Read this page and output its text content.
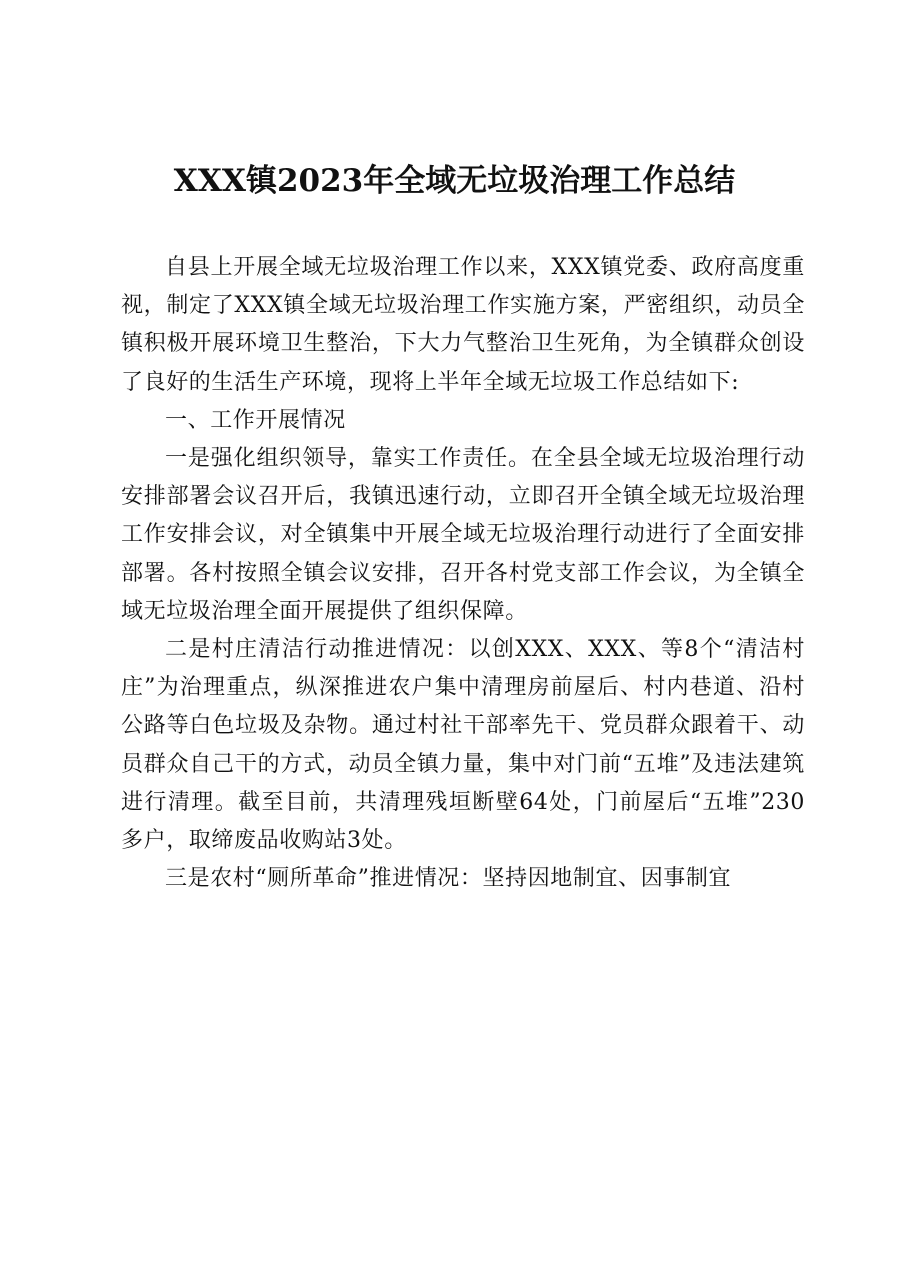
XXX镇2023年全域无垃圾治理工作总结

自县上开展全域无垃圾治理工作以来，XXX镇党委、政府高度重视，制定了XXX镇全域无垃圾治理工作实施方案，严密组织，动员全镇积极开展环境卫生整治，下大力气整治卫生死角，为全镇群众创设了良好的生活生产环境，现将上半年全域无垃圾工作总结如下:

一、工作开展情况

一是强化组织领导，靠实工作责任。在全县全域无垃圾治理行动安排部署会议召开后，我镇迅速行动，立即召开全镇全域无垃圾治理工作安排会议，对全镇集中开展全域无垃圾治理行动进行了全面安排部署。各村按照全镇会议安排，召开各村党支部工作会议，为全镇全域无垃圾治理全面开展提供了组织保障。

二是村庄清洁行动推进情况：以创XXX、XXX、等8个“清洁村庄”为治理重点，纵深推进农户集中清理房前屋后、村内巷道、沿村公路等白色垃圾及杂物。通过村社干部率先干、党员群众跟着干、动员群众自己干的方式，动员全镇力量，集中对门前“五堆”及违法建筑进行清理。截至目前，共清理残垣断壁64处，门前屋后“五堆”230多户，取缔废品收购站3处。

三是农村“厕所革命”推进情况：坚持因地制宜、因事制宜
